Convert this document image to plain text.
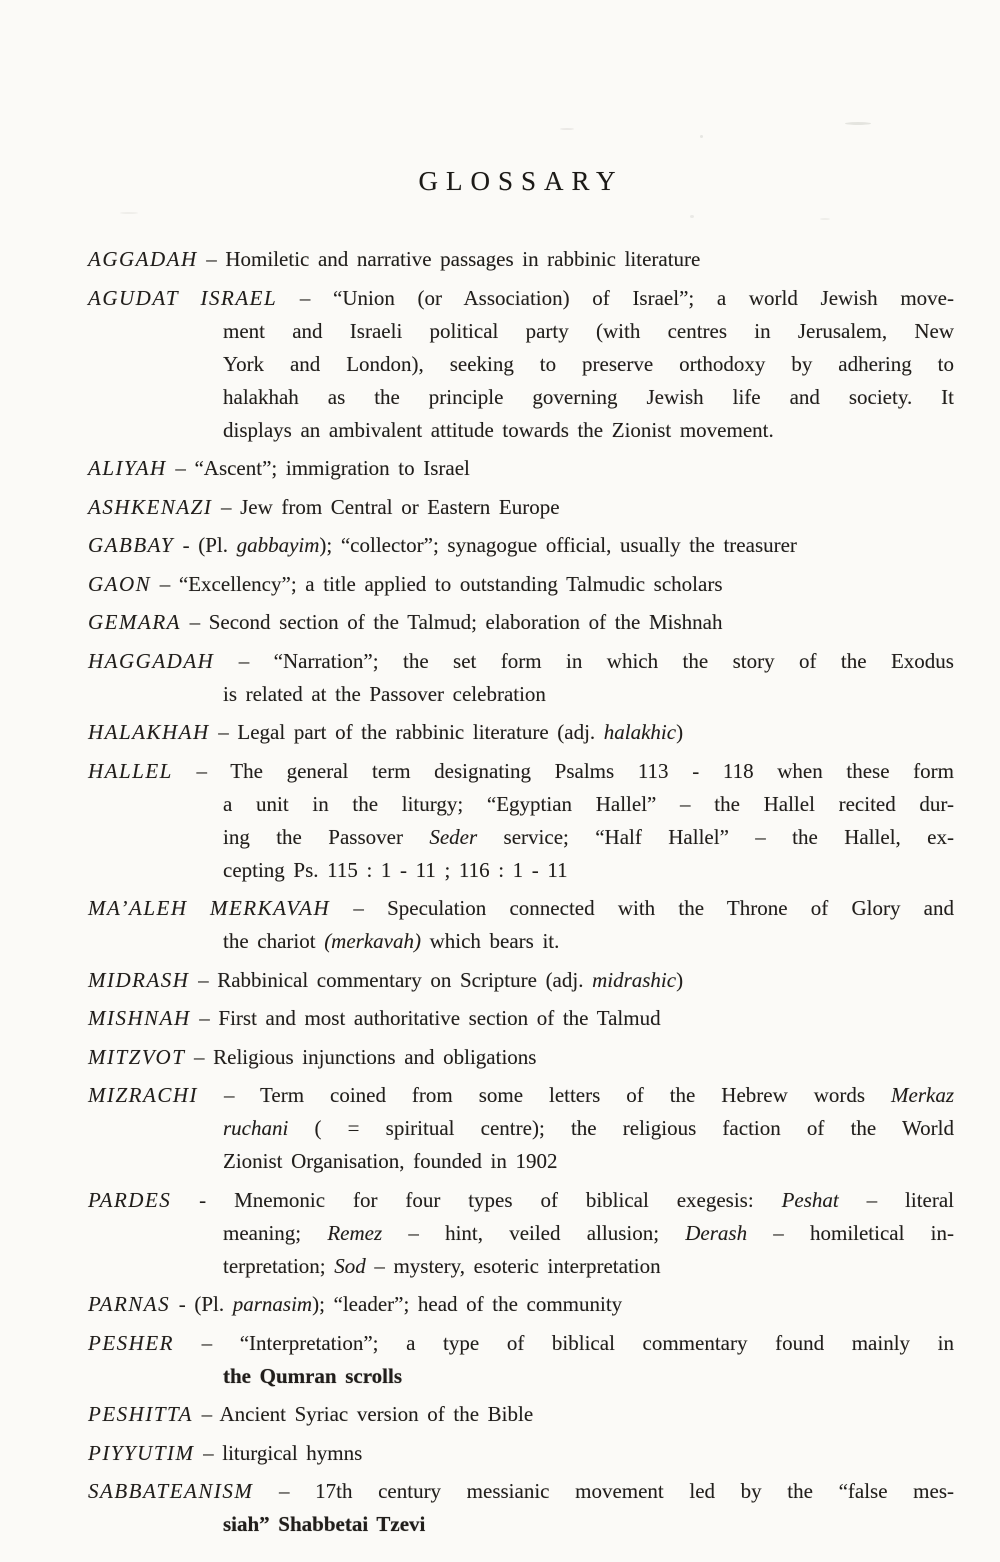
GLOSSARY
AGGADAH – Homiletic and narrative passages in rabbinic literature
AGUDAT ISRAEL – “Union (or Association) of Israel”; a world Jewish move-
ment and Israeli political party (with centres in Jerusalem, New
York and London), seeking to preserve orthodoxy by adhering to
halakhah as the principle governing Jewish life and society. It
displays an ambivalent attitude towards the Zionist movement.
ALIYAH – “Ascent”; immigration to Israel
ASHKENAZI – Jew from Central or Eastern Europe
GABBAY - (Pl. gabbayim); “collector”; synagogue official, usually the treasurer
GAON – “Excellency”; a title applied to outstanding Talmudic scholars
GEMARA – Second section of the Talmud; elaboration of the Mishnah
HAGGADAH – “Narration”; the set form in which the story of the Exodus
is related at the Passover celebration
HALAKHAH – Legal part of the rabbinic literature (adj. halakhic)
HALLEL – The general term designating Psalms 113 - 118 when these form
a unit in the liturgy; “Egyptian Hallel” – the Hallel recited dur-
ing the Passover Seder service; “Half Hallel” – the Hallel, ex-
cepting Ps. 115 : 1 - 11 ; 116 : 1 - 11
MA’ALEH MERKAVAH – Speculation connected with the Throne of Glory and
the chariot (merkavah) which bears it.
MIDRASH – Rabbinical commentary on Scripture (adj. midrashic)
MISHNAH – First and most authoritative section of the Talmud
MITZVOT – Religious injunctions and obligations
MIZRACHI – Term coined from some letters of the Hebrew words Merkaz
ruchani ( = spiritual centre); the religious faction of the World
Zionist Organisation, founded in 1902
PARDES - Mnemonic for four types of biblical exegesis: Peshat – literal
meaning; Remez – hint, veiled allusion; Derash – homiletical in-
terpretation; Sod – mystery, esoteric interpretation
PARNAS - (Pl. parnasim); “leader”; head of the community
PESHER – “Interpretation”; a type of biblical commentary found mainly in
the Qumran scrolls
PESHITTA – Ancient Syriac version of the Bible
PIYYUTIM – liturgical hymns
SABBATEANISM – 17th century messianic movement led by the “false mes-
siah” Shabbetai Tzevi
